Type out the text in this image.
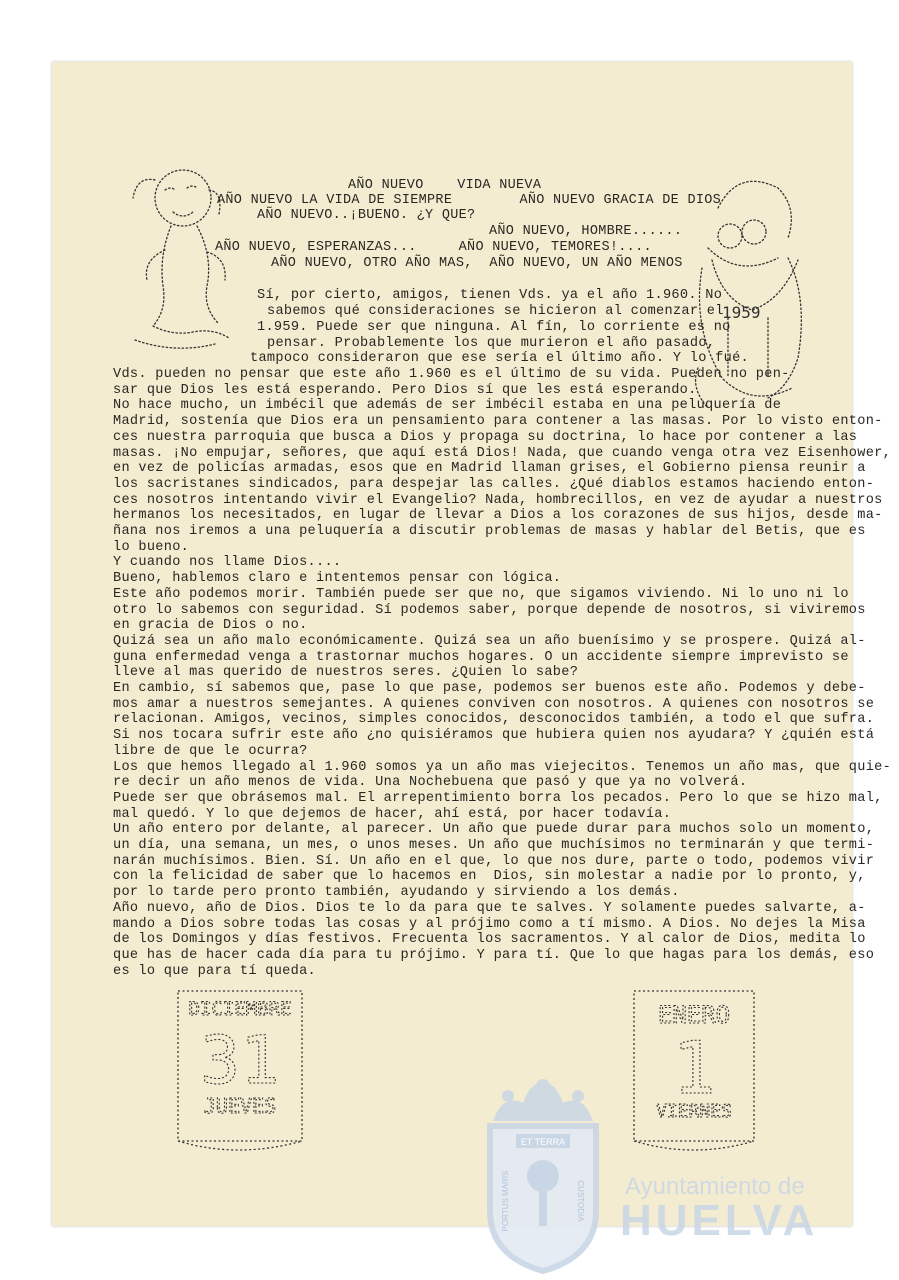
AÑO NUEVO    VIDA NUEVA

AÑO NUEVO LA VIDA DE SIEMPRE        AÑO NUEVO GRACIA DE DIOS

AÑO NUEVO..¡BUENO. ¿Y QUE?

AÑO NUEVO, HOMBRE......

AÑO NUEVO, ESPERANZAS...     AÑO NUEVO, TEMORES!....

AÑO NUEVO, OTRO AÑO MAS,  AÑO NUEVO, UN AÑO MENOS

1959

Sí, por cierto, amigos, tienen Vds. ya el año 1.960. No

sabemos qué consideraciones se hicieron al comenzar el

1.959. Puede ser que ninguna. Al fín, lo corriente es no

pensar. Probablemente los que murieron el año pasado,

tampoco consideraron que ese sería el último año. Y lo fué.

Vds. pueden no pensar que este año 1.960 es el último de su vida. Pueden no pen-
sar que Dios les está esperando. Pero Dios sí que les está esperando.
No hace mucho, un imbécil que además de ser imbécil estaba en una peluquería de
Madrid, sostenía que Dios era un pensamiento para contener a las masas. Por lo visto enton-
ces nuestra parroquia que busca a Dios y propaga su doctrina, lo hace por contener a las
masas. ¡No empujar, señores, que aquí está Dios! Nada, que cuando venga otra vez Eisenhower,
en vez de policías armadas, esos que en Madrid llaman grises, el Gobierno piensa reunir a
los sacristanes sindicados, para despejar las calles. ¿Qué diablos estamos haciendo enton-
ces nosotros intentando vivir el Evangelio? Nada, hombrecillos, en vez de ayudar a nuestros
hermanos los necesitados, en lugar de llevar a Dios a los corazones de sus hijos, desde ma-
ñana nos iremos a una peluquería a discutir problemas de masas y hablar del Betis, que es
lo bueno.
Y cuando nos llame Dios....
Bueno, hablemos claro e intentemos pensar con lógica.
Este año podemos morir. También puede ser que no, que sigamos viviendo. Ni lo uno ni lo
otro lo sabemos con seguridad. Sí podemos saber, porque depende de nosotros, si viviremos
en gracia de Dios o no.
Quizá sea un año malo económicamente. Quizá sea un año buenísimo y se prospere. Quizá al-
guna enfermedad venga a trastornar muchos hogares. O un accidente siempre imprevisto se
lleve al mas querido de nuestros seres. ¿Quien lo sabe?
En cambio, sí sabemos que, pase lo que pase, podemos ser buenos este año. Podemos y debe-
mos amar a nuestros semejantes. A quienes conviven con nosotros. A quienes con nosotros se
relacionan. Amigos, vecinos, simples conocidos, desconocidos también, a todo el que sufra.
Si nos tocara sufrir este año ¿no quisiéramos que hubiera quien nos ayudara? Y ¿quién está
libre de que le ocurra?
Los que hemos llegado al 1.960 somos ya un año mas viejecitos. Tenemos un año mas, que quie-
re decir un año menos de vida. Una Nochebuena que pasó y que ya no volverá.
Puede ser que obrásemos mal. El arrepentimiento borra los pecados. Pero lo que se hizo mal,
mal quedó. Y lo que dejemos de hacer, ahí está, por hacer todavía.
Un año entero por delante, al parecer. Un año que puede durar para muchos solo un momento,
un día, una semana, un mes, o unos meses. Un año que muchísimos no terminarán y que termi-
narán muchísimos. Bien. Sí. Un año en el que, lo que nos dure, parte o todo, podemos vivir
con la felicidad de saber que lo hacemos en  Dios, sin molestar a nadie por lo pronto, y,
por lo tarde pero pronto también, ayudando y sirviendo a los demás.
Año nuevo, año de Dios. Dios te lo da para que te salves. Y solamente puedes salvarte, a-
mando a Dios sobre todas las cosas y al prójimo como a tí mismo. A Dios. No dejes la Misa
de los Domingos y días festivos. Frecuenta los sacramentos. Y al calor de Dios, medita lo
que has de hacer cada día para tu prójimo. Y para tí. Que lo que hagas para los demás, eso
es lo que para tí queda.
DICIEMBRE
31
JUEVES
ENERO
1
VIERNES
ET TERRA
PORTUS MARIS	CUSTODIA Ayuntamiento de
HUELVA
